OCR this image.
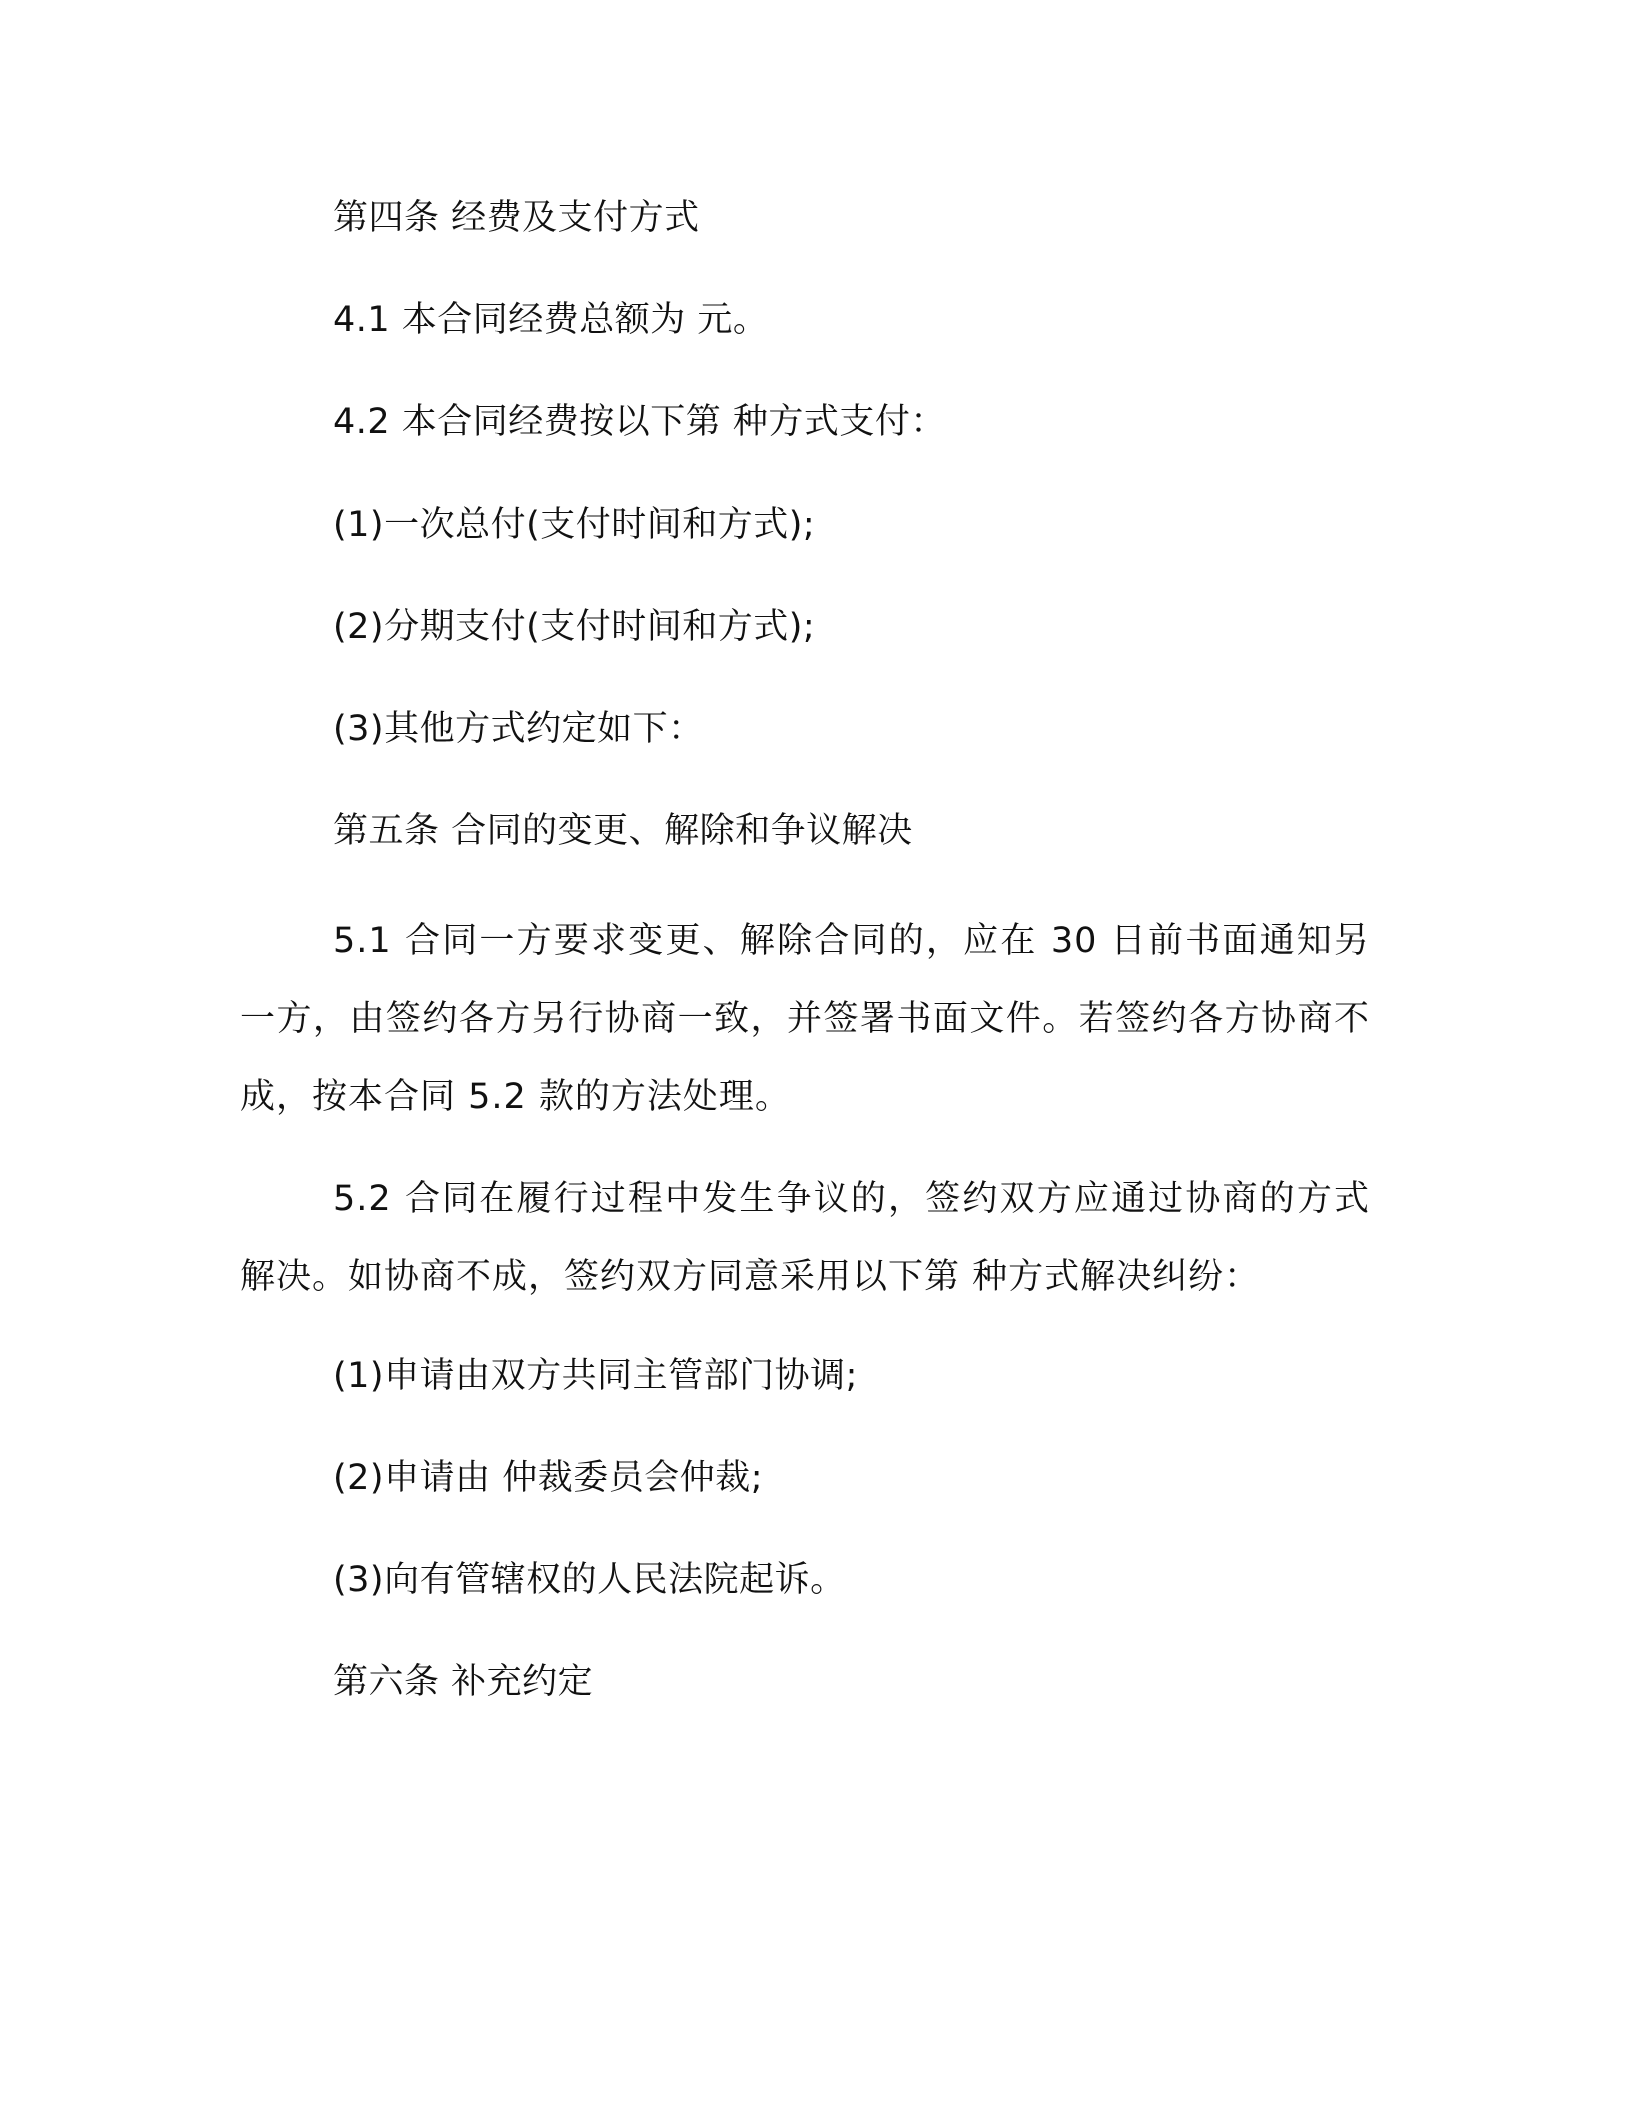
第四条 经费及支付方式
4.1 本合同经费总额为 元。
4.2 本合同经费按以下第 种方式支付：
(1)一次总付(支付时间和方式);
(2)分期支付(支付时间和方式);
(3)其他方式约定如下：
第五条 合同的变更、解除和争议解决

5.1 合同一方要求变更、解除合同的，应在 30 日前书面通知另一方，由签约各方另行协商一致，并签署书面文件。若签约各方协商不成，按本合同 5.2 款的方法处理。

5.2 合同在履行过程中发生争议的，签约双方应通过协商的方式解决。如协商不成，签约双方同意采用以下第 种方式解决纠纷：

(1)申请由双方共同主管部门协调;
(2)申请由 仲裁委员会仲裁;
(3)向有管辖权的人民法院起诉。
第六条 补充约定
